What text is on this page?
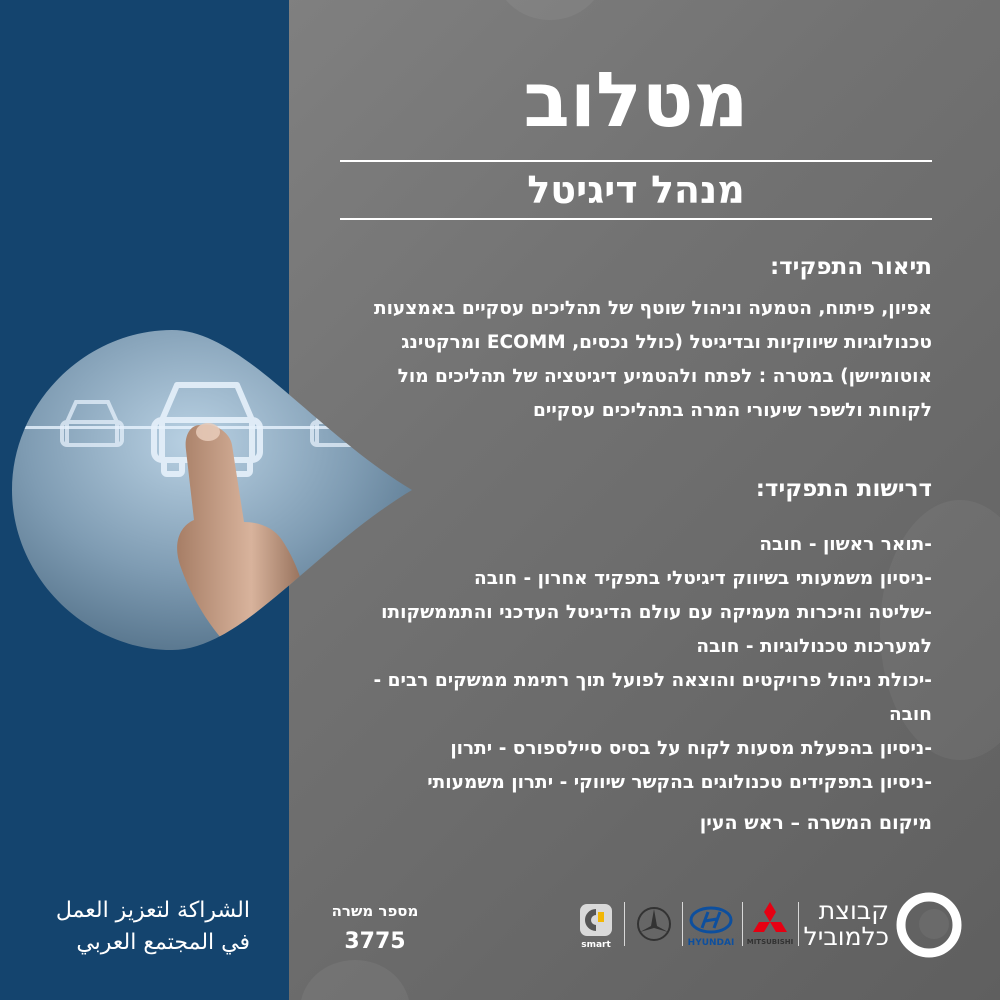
מטלוב
מנהל דיגיטל
תיאור התפקיד:
אפיון, פיתוח, הטמעה וניהול שוטף של תהליכים עסקיים באמצעות טכנולוגיות שיווקיות ובדיגיטל (כולל נכסים, ECOMM ומרקטינג אוטומיישן) במטרה : לפתח ולהטמיע דיגיטציה של תהליכים מול לקוחות ולשפר שיעורי המרה בתהליכים עסקיים
דרישות התפקיד:
-תואר ראשון - חובה
-ניסיון משמעותי בשיווק דיגיטלי בתפקיד אחרון - חובה
-שליטה והיכרות מעמיקה עם עולם הדיגיטל העדכני והתממשקותו למערכות טכנולוגיות - חובה
-יכולת ניהול פרויקטים והוצאה לפועל תוך רתימת ממשקים רבים - חובה
-ניסיון בהפעלת מסעות לקוח על בסיס סיילספורס - יתרון
-ניסיון בתפקידים טכנולוגים בהקשר שיווקי - יתרון משמעותי
מיקום המשרה – ראש העין
الشراكة لتعزيز العمل
في المجتمع العربي
מספר משרה
3775	smart	HYUNDAI	MITSUBISHI
קבוצת
כלמוביל
